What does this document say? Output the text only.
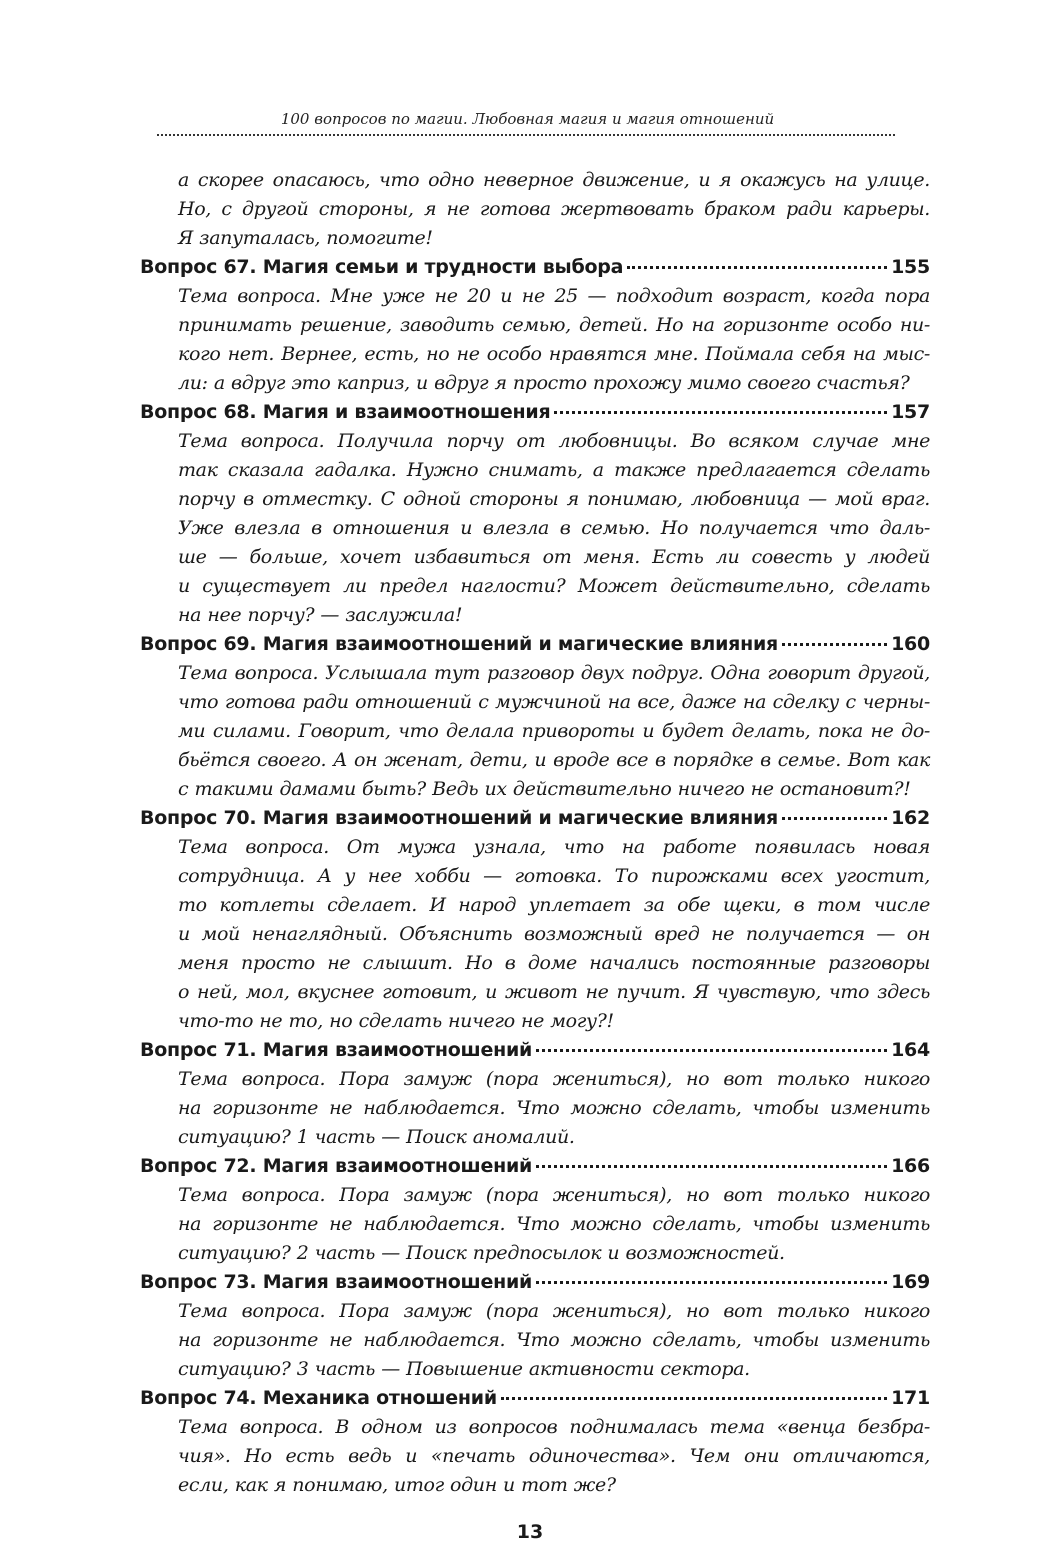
100 вопросов по магии. Любовная магия и магия отношений
а скорее опасаюсь, что одно неверное движение, и я окажусь на улице.
Но, с другой стороны, я не готова жертвовать браком ради карьеры.
Я запуталась, помогите!
Вопрос 67. Магия семьи и трудности выбора	155
Тема вопроса. Мне уже не 20 и не 25 — подходит возраст, когда пора
принимать решение, заводить семью, детей. Но на горизонте особо ни-
кого нет. Вернее, есть, но не особо нравятся мне. Поймала себя на мыс-
ли: а вдруг это каприз, и вдруг я просто прохожу мимо своего счастья?
Вопрос 68. Магия и взаимоотношения	157
Тема вопроса. Получила порчу от любовницы. Во всяком случае мне
так сказала гадалка. Нужно снимать, а также предлагается сделать
порчу в отместку. С одной стороны я понимаю, любовница — мой враг.
Уже влезла в отношения и влезла в семью. Но получается что даль-
ше — больше, хочет избавиться от меня. Есть ли совесть у людей
и существует ли предел наглости? Может действительно, сделать
на нее порчу? — заслужила!
Вопрос 69. Магия взаимоотношений и магические влияния	160
Тема вопроса. Услышала тут разговор двух подруг. Одна говорит другой,
что готова ради отношений с мужчиной на все, даже на сделку с черны-
ми силами. Говорит, что делала привороты и будет делать, пока не до-
бьётся своего. А он женат, дети, и вроде все в порядке в семье. Вот как
с такими дамами быть? Ведь их действительно ничего не остановит?!
Вопрос 70. Магия взаимоотношений и магические влияния	162
Тема вопроса. От мужа узнала, что на работе появилась новая
сотрудница. А у нее хобби — готовка. То пирожками всех угостит,
то котлеты сделает. И народ уплетает за обе щеки, в том числе
и мой ненаглядный. Объяснить возможный вред не получается — он
меня просто не слышит. Но в доме начались постоянные разговоры
о ней, мол, вкуснее готовит, и живот не пучит. Я чувствую, что здесь
что-то не то, но сделать ничего не могу?!
Вопрос 71. Магия взаимоотношений	164
Тема вопроса. Пора замуж (пора жениться), но вот только никого
на горизонте не наблюдается. Что можно сделать, чтобы изменить
ситуацию? 1 часть — Поиск аномалий.
Вопрос 72. Магия взаимоотношений	166
Тема вопроса. Пора замуж (пора жениться), но вот только никого
на горизонте не наблюдается. Что можно сделать, чтобы изменить
ситуацию? 2 часть — Поиск предпосылок и возможностей.
Вопрос 73. Магия взаимоотношений	169
Тема вопроса. Пора замуж (пора жениться), но вот только никого
на горизонте не наблюдается. Что можно сделать, чтобы изменить
ситуацию? 3 часть — Повышение активности сектора.
Вопрос 74. Механика отношений	171
Тема вопроса. В одном из вопросов поднималась тема «венца безбра-
чия». Но есть ведь и «печать одиночества». Чем они отличаются,
если, как я понимаю, итог один и тот же?
13
